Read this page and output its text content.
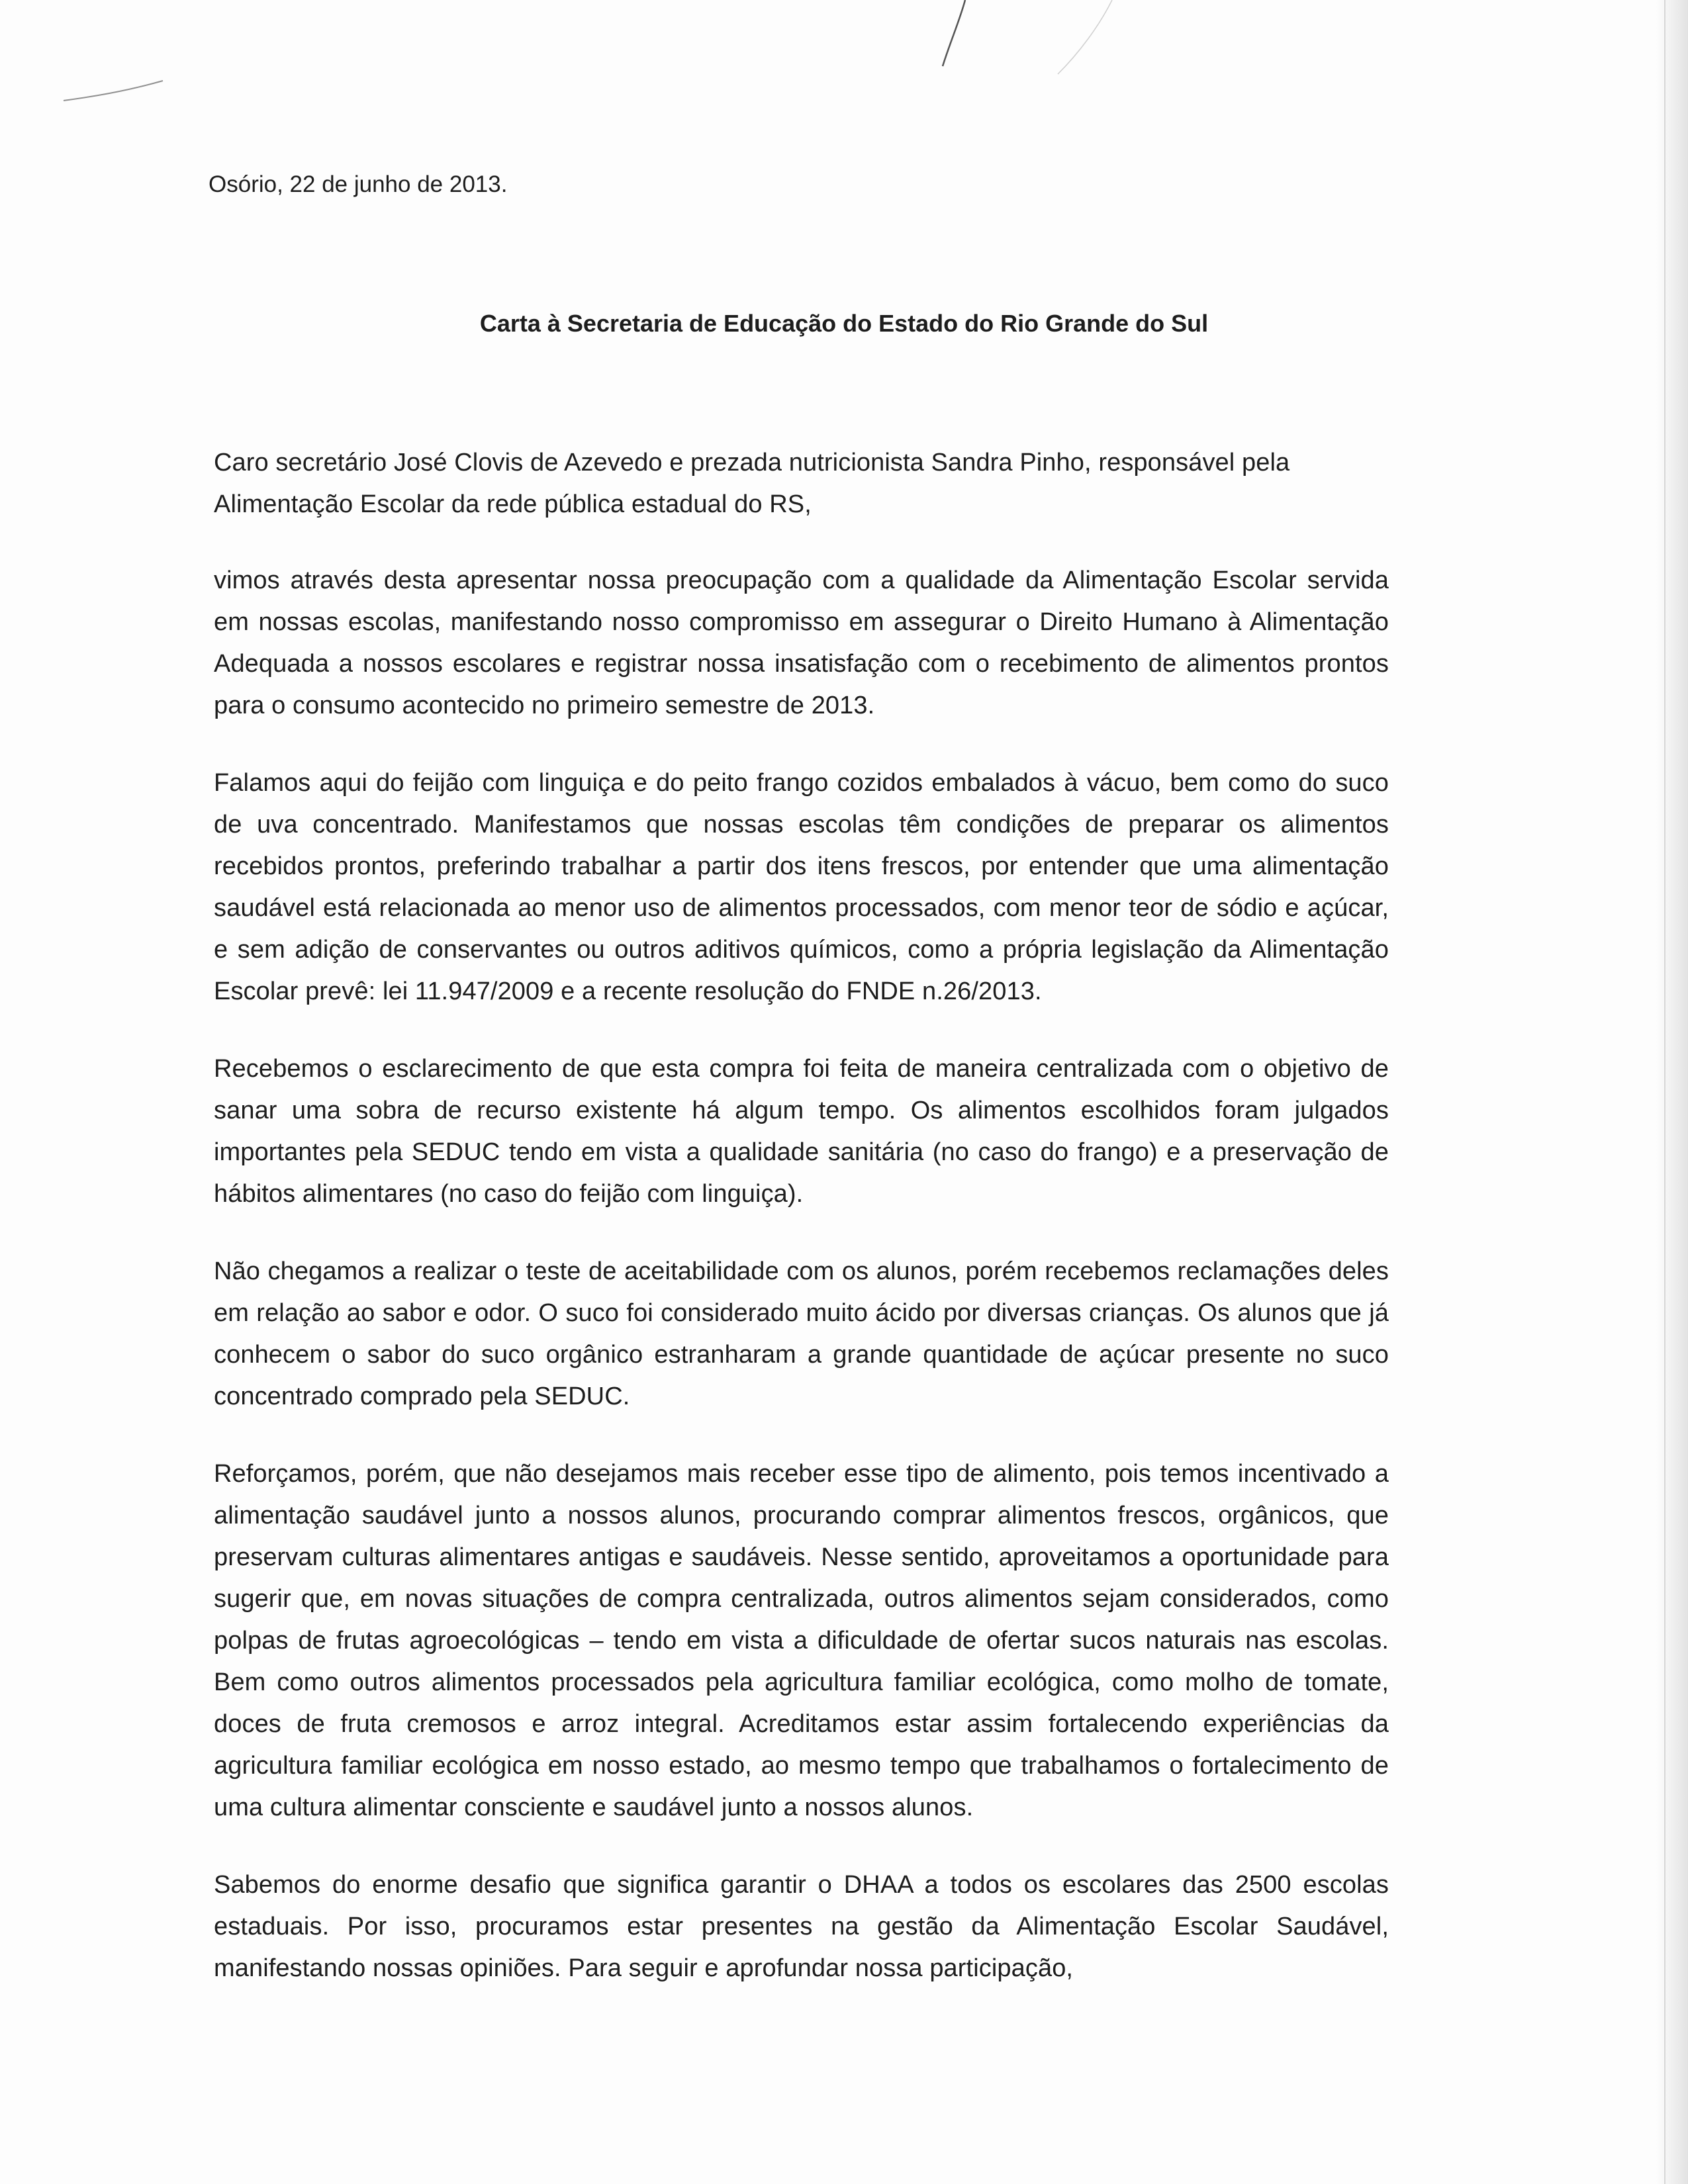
Osório, 22 de junho de 2013.

Carta à Secretaria de Educação do Estado do Rio Grande do Sul

Caro secretário José Clovis de Azevedo e prezada nutricionista Sandra Pinho, responsável pela Alimentação Escolar da rede pública estadual do RS,

vimos através desta apresentar nossa preocupação com a qualidade da Alimentação Escolar servida em nossas escolas, manifestando nosso compromisso em assegurar o Direito Humano à Alimentação Adequada a nossos escolares e registrar nossa insatisfação com o recebimento de alimentos prontos para o consumo acontecido no primeiro semestre de 2013.

Falamos aqui do feijão com linguiça e do peito frango cozidos embalados à vácuo, bem como do suco de uva concentrado. Manifestamos que nossas escolas têm condições de preparar os alimentos recebidos prontos, preferindo trabalhar a partir dos itens frescos, por entender que uma alimentação saudável está relacionada ao menor uso de alimentos processados, com menor teor de sódio e açúcar, e sem adição de conservantes ou outros aditivos químicos, como a própria legislação da Alimentação Escolar prevê: lei 11.947/2009 e a recente resolução do FNDE n.26/2013.

Recebemos o esclarecimento de que esta compra foi feita de maneira centralizada com o objetivo de sanar uma sobra de recurso existente há algum tempo. Os alimentos escolhidos foram julgados importantes pela SEDUC tendo em vista a qualidade sanitária (no caso do frango) e a preservação de hábitos alimentares (no caso do feijão com linguiça).

Não chegamos a realizar o teste de aceitabilidade com os alunos, porém recebemos reclamações deles em relação ao sabor e odor. O suco foi considerado muito ácido por diversas crianças. Os alunos que já conhecem o sabor do suco orgânico estranharam a grande quantidade de açúcar presente no suco concentrado comprado pela SEDUC.

Reforçamos, porém, que não desejamos mais receber esse tipo de alimento, pois temos incentivado a alimentação saudável junto a nossos alunos, procurando comprar alimentos frescos, orgânicos, que preservam culturas alimentares antigas e saudáveis. Nesse sentido, aproveitamos a oportunidade para sugerir que, em novas situações de compra centralizada, outros alimentos sejam considerados, como polpas de frutas agroecológicas – tendo em vista a dificuldade de ofertar sucos naturais nas escolas. Bem como outros alimentos processados pela agricultura familiar ecológica, como molho de tomate, doces de fruta cremosos e arroz integral. Acreditamos estar assim fortalecendo experiências da agricultura familiar ecológica em nosso estado, ao mesmo tempo que trabalhamos o fortalecimento de uma cultura alimentar consciente e saudável junto a nossos alunos.

Sabemos do enorme desafio que significa garantir o DHAA a todos os escolares das 2500 escolas estaduais. Por isso, procuramos estar presentes na gestão da Alimentação Escolar Saudável, manifestando nossas opiniões. Para seguir e aprofundar nossa participação,
